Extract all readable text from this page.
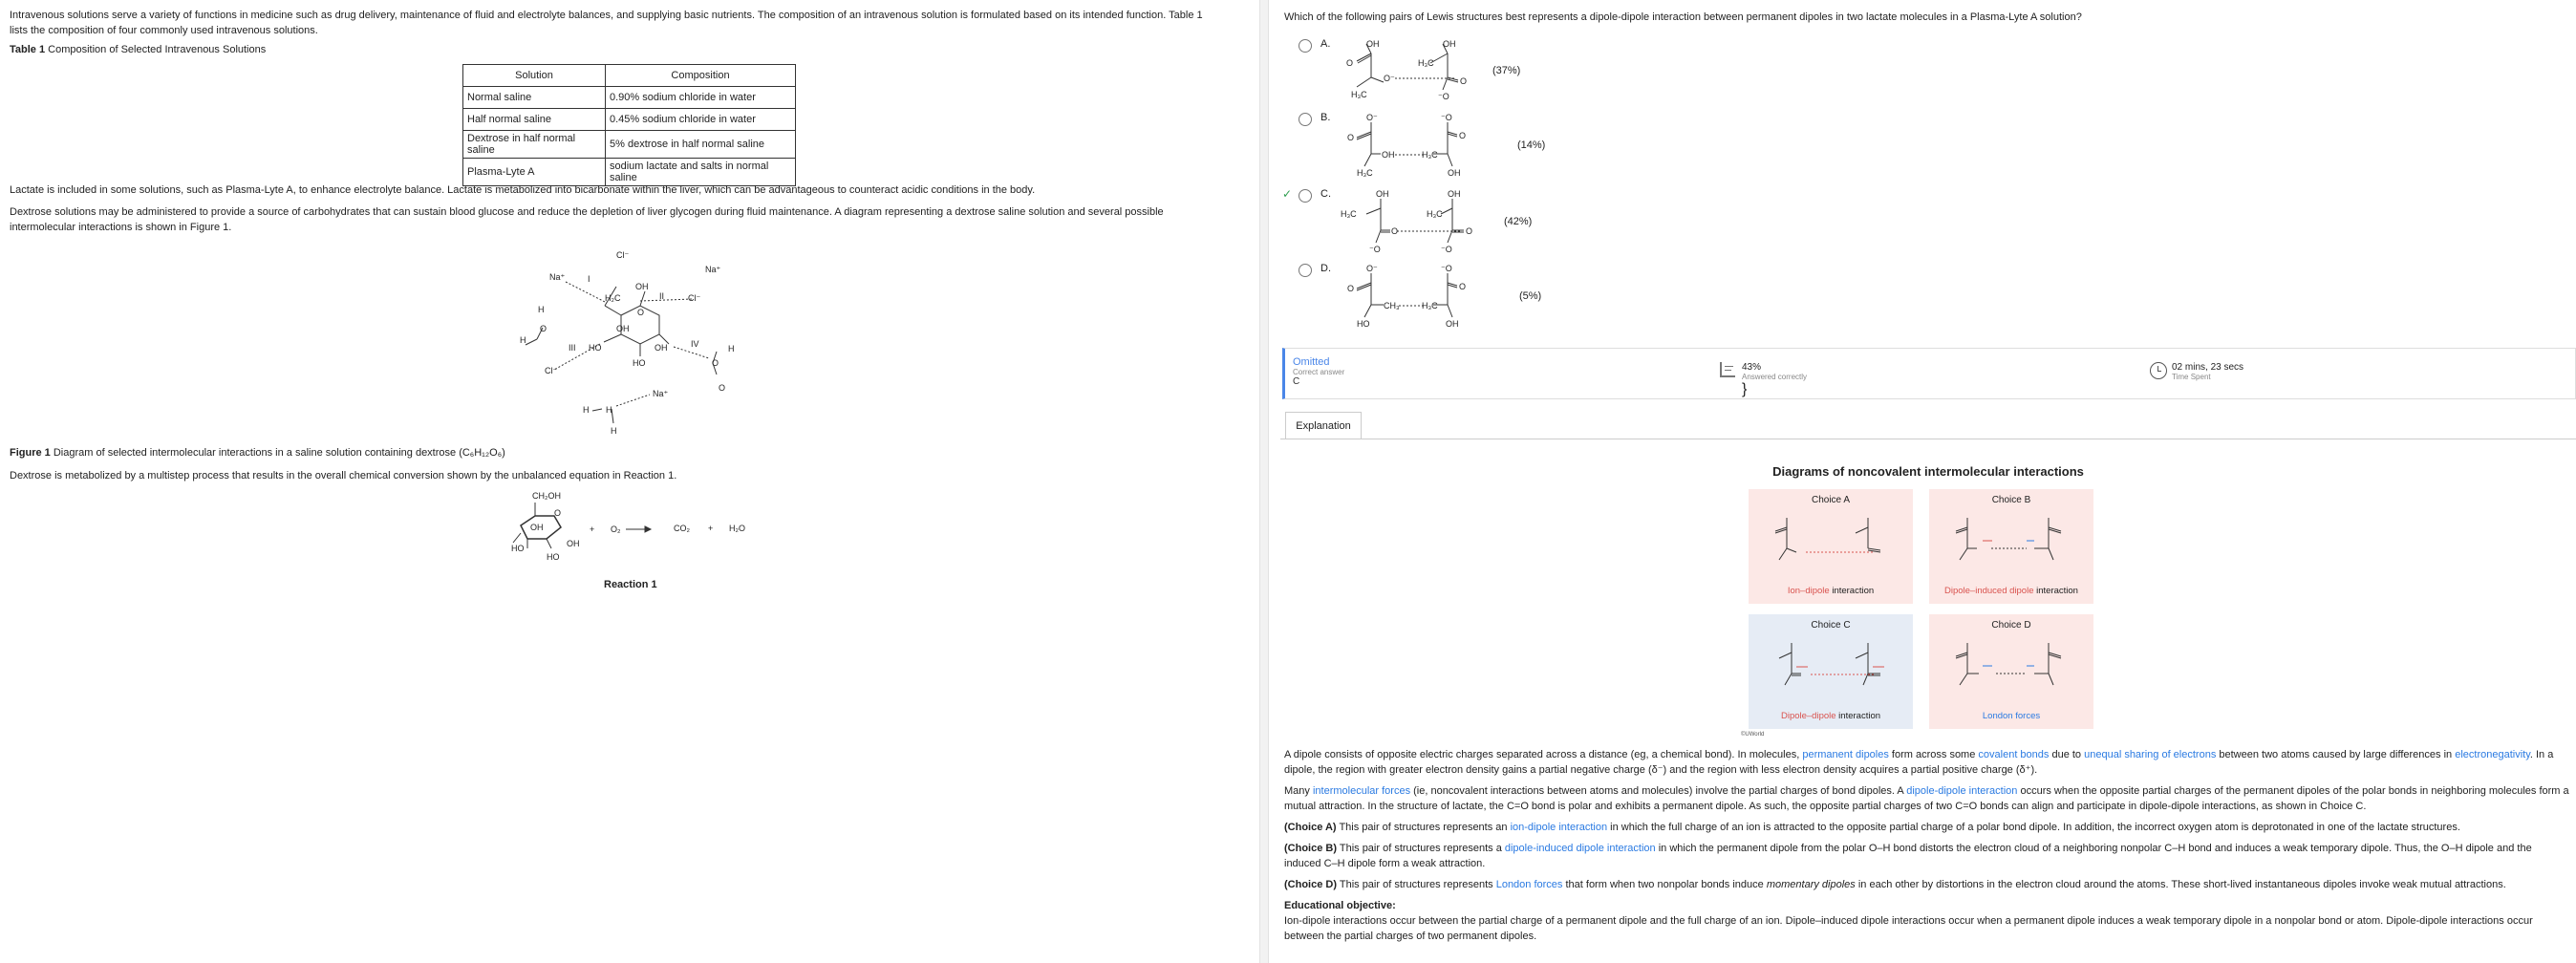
Intravenous solutions serve a variety of functions in medicine such as drug delivery, maintenance of fluid and electrolyte balances, and supplying basic nutrients. The composition of an intravenous solution is formulated based on its intended function. Table 1 lists the composition of four commonly used intravenous solutions.

Table 1 Composition of Selected Intravenous Solutions

Solution	Composition
Normal saline	0.90% sodium chloride in water
Half normal saline	0.45% sodium chloride in water
Dextrose in half normal saline	5% dextrose in half normal saline
Plasma-Lyte A	sodium lactate and salts in normal saline

Lactate is included in some solutions, such as Plasma-Lyte A, to enhance electrolyte balance. Lactate is metabolized into bicarbonate within the liver, which can be advantageous to counteract acidic conditions in the body.

Dextrose solutions may be administered to provide a source of carbohydrates that can sustain blood glucose and reduce the depletion of liver glycogen during fluid maintenance. A diagram representing a dextrose saline solution and several possible intermolecular interactions is shown in Figure 1.

Cl⁻
Na⁺
Na⁺
Cl⁻
Cl⁻
Na⁺
I
II
III	IV
OH
OH
OH
HO
HO
H₂C
O
H
H
O
H
O
H
H
O
H

Figure 1 Diagram of selected intermolecular interactions in a saline solution containing dextrose (C₆H₁₂O₆)

Dextrose is metabolized by a multistep process that results in the overall chemical conversion shown by the unbalanced equation in Reaction 1.

CH₂OH
OH
OH
HO
HO
O
+ O₂	CO₂ + H₂O

Reaction 1

Which of the following pairs of Lewis structures best represents a dipole-dipole interaction between permanent dipoles in two lactate molecules in a Plasma-Lyte A solution?

A.	OH	OH
H₃C
O
H₃C
O⁻	O
⁻O
(37%)
B.	O⁻	⁻O
O
OH	H₃C
O
H₃C	OH
(14%)
✓	C.	OH	OH
H₃C	H₃C
O	O
⁻O	⁻O
(42%)
D.	O⁻	⁻O
O
CH₃	H₃C
O
HO	OH
(5%)
Omitted
Correct answer
C
43%
Answered correctly
}
02 mins, 23 secs
Time Spent
Explanation
Diagrams of noncovalent intermolecular interactions
Choice A
Ion–dipole interaction
Choice B
Dipole–induced dipole interaction
Choice C
Dipole–dipole interaction
Choice D
London forces
©UWorld

A dipole consists of opposite electric charges separated across a distance (eg, a chemical bond). In molecules, permanent dipoles form across some covalent bonds due to unequal sharing of electrons between two atoms caused by large differences in electronegativity. In a dipole, the region with greater electron density gains a partial negative charge (δ⁻) and the region with less electron density acquires a partial positive charge (δ⁺).

Many intermolecular forces (ie, noncovalent interactions between atoms and molecules) involve the partial charges of bond dipoles. A dipole-dipole interaction occurs when the opposite partial charges of the permanent dipoles of the polar bonds in neighboring molecules form a mutual attraction. In the structure of lactate, the C=O bond is polar and exhibits a permanent dipole. As such, the opposite partial charges of two C=O bonds can align and participate in dipole-dipole interactions, as shown in Choice C.

(Choice A) This pair of structures represents an ion-dipole interaction in which the full charge of an ion is attracted to the opposite partial charge of a polar bond dipole. In addition, the incorrect oxygen atom is deprotonated in one of the lactate structures.

(Choice B) This pair of structures represents a dipole-induced dipole interaction in which the permanent dipole from the polar O–H bond distorts the electron cloud of a neighboring nonpolar C–H bond and induces a weak temporary dipole. Thus, the O–H dipole and the induced C–H dipole form a weak attraction.

(Choice D) This pair of structures represents London forces that form when two nonpolar bonds induce momentary dipoles in each other by distortions in the electron cloud around the atoms. These short-lived instantaneous dipoles invoke weak mutual attractions.

Educational objective:

Ion-dipole interactions occur between the partial charge of a permanent dipole and the full charge of an ion. Dipole–induced dipole interactions occur when a permanent dipole induces a weak temporary dipole in a nonpolar bond or atom. Dipole-dipole interactions occur between the partial charges of two permanent dipoles.
